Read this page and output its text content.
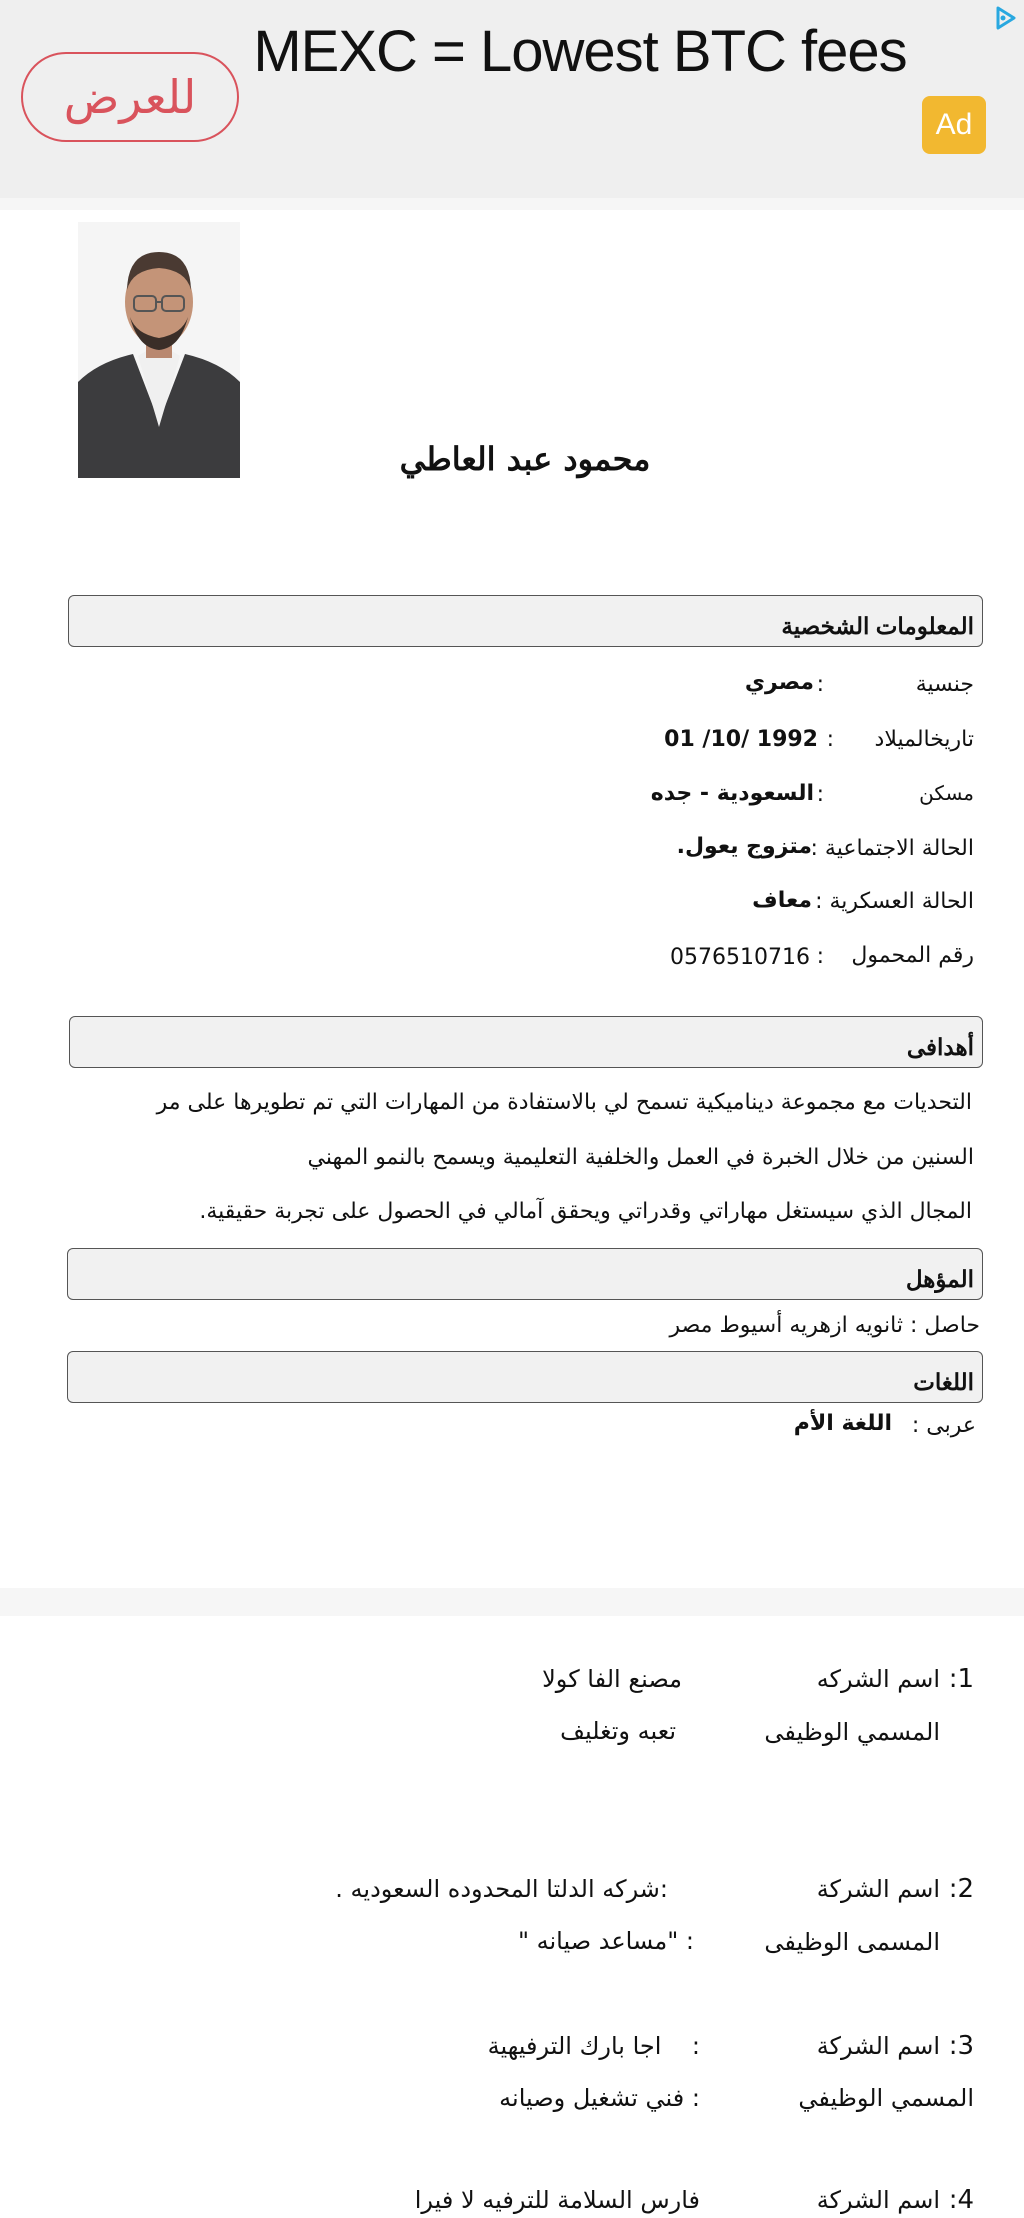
للعرض
MEXC = Lowest BTC fees
Ad
محمود عبد العاطي
المعلومات الشخصية
جنسية
:
مصري
تاريخالميلاد
:
01 /10/ 1992
مسكن
:
السعودية - جده
الحالة الاجتماعية :
متزوج يعول.
الحالة العسكرية :
معاف
رقم المحمول
:
0576510716
أهدافى
التحديات مع مجموعة ديناميكية تسمح لي بالاستفادة من المهارات التي تم تطويرها على مر
السنين من خلال الخبرة في العمل والخلفية التعليمية ويسمح بالنمو المهني
المجال الذي سيستغل مهاراتي وقدراتي ويحقق آمالي في الحصول على تجربة حقيقية.
المؤهل
حاصل : ثانويه ازهريه أسيوط مصر
اللغات
عربى :
اللغة الأم
:1
اسم الشركه
مصنع الفا كولا
المسمي الوظيفى
تعبه وتغليف
:2
اسم الشركة
:شركه الدلتا المحدوده السعوديه .
المسمى الوظيفى
: "مساعد صيانه "
:3
اسم الشركة
:    اجا بارك الترفيهية
المسمي الوظيفي
: فني تشغيل وصيانه
:4
اسم الشركة
فارس السلامة للترفيه لا فيرا
